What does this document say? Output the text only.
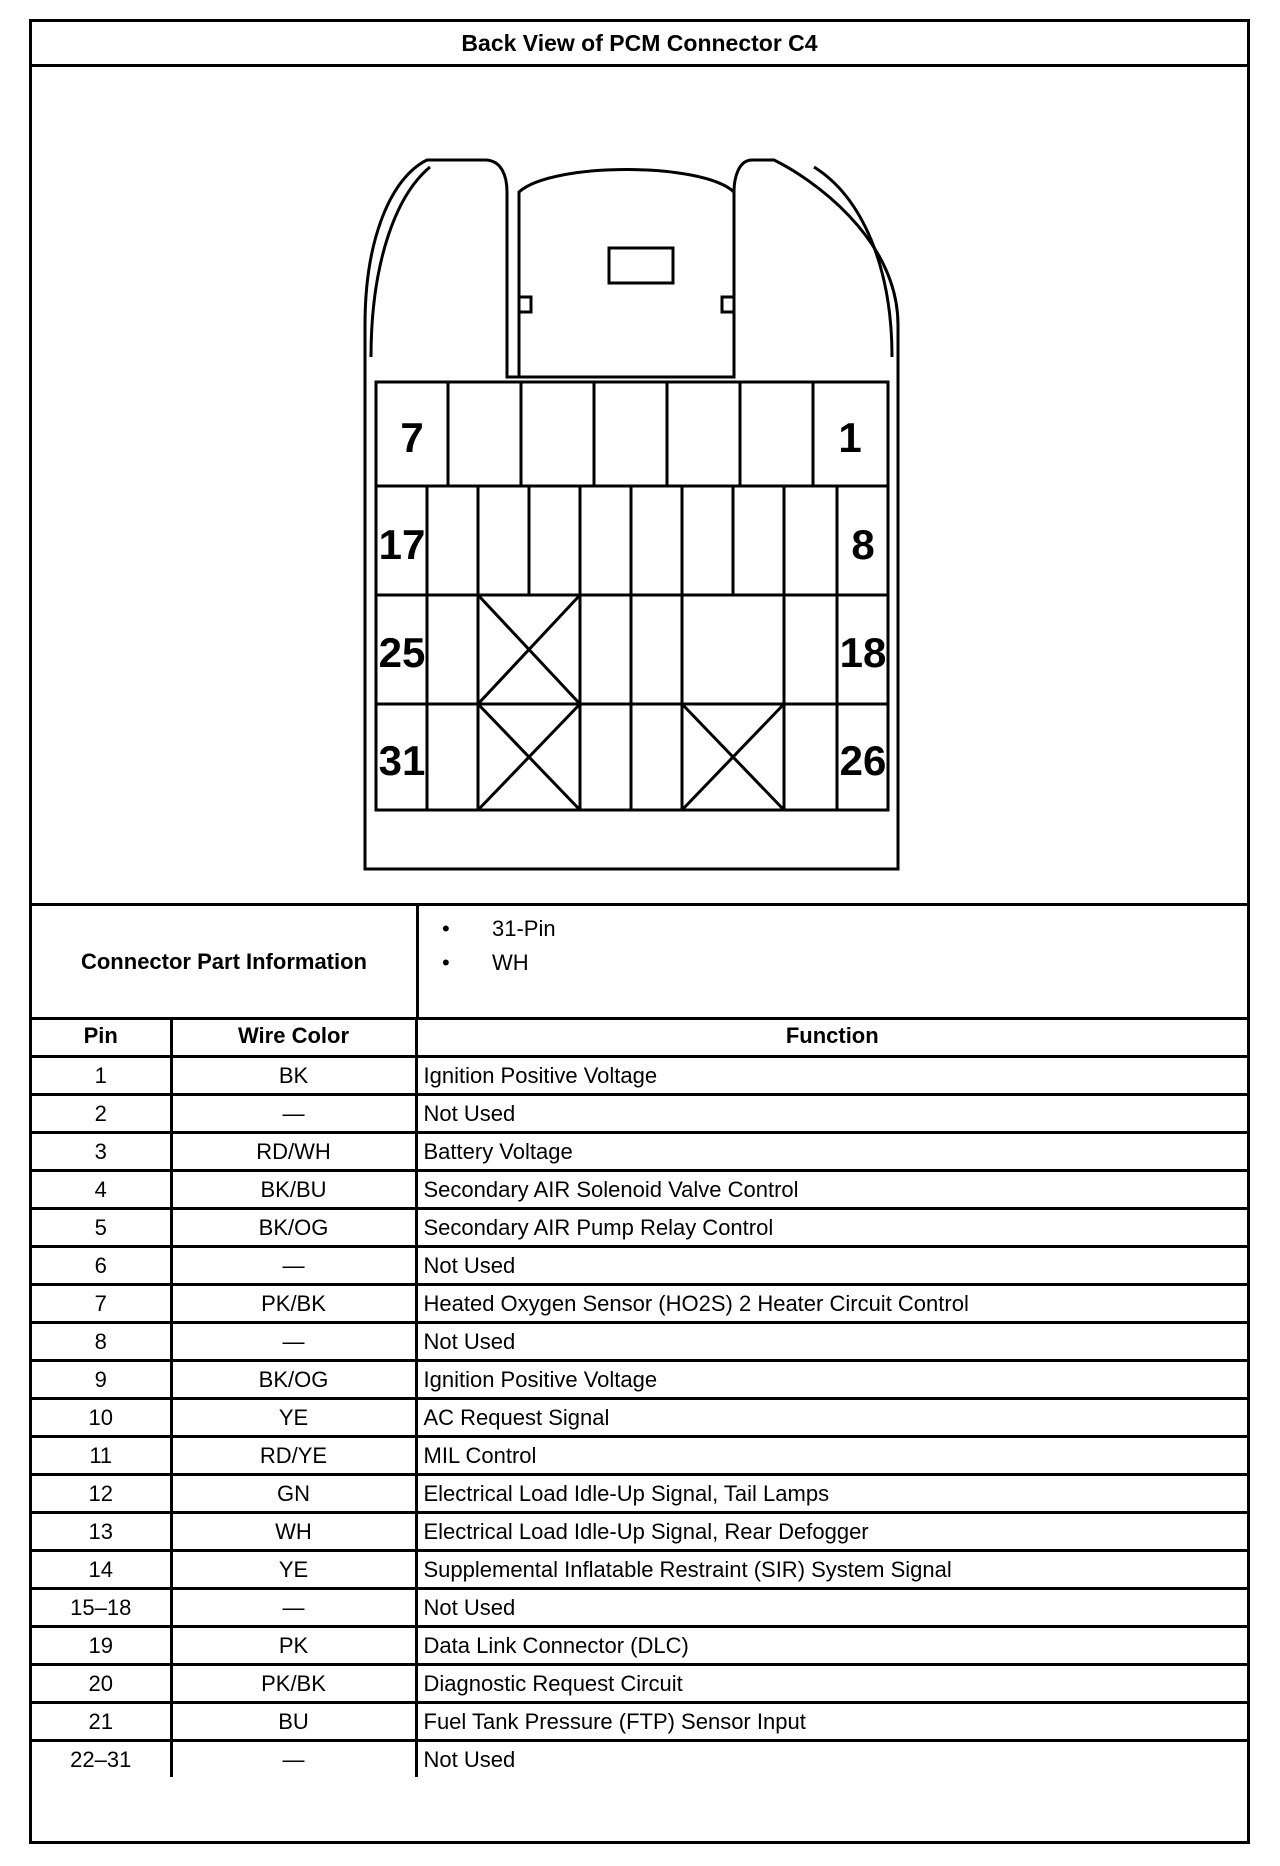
Back View of PCM Connector C4
7	1
17	8
25	18
31	26
Connector Part Information
• 31-Pin
• WH
Pin	Wire Color	Function
1	BK	Ignition Positive Voltage
2	—	Not Used
3	RD/WH	Battery Voltage
4	BK/BU	Secondary AIR Solenoid Valve Control
5	BK/OG	Secondary AIR Pump Relay Control
6	—	Not Used
7	PK/BK	Heated Oxygen Sensor (HO2S) 2 Heater Circuit Control
8	—	Not Used
9	BK/OG	Ignition Positive Voltage
10	YE	AC Request Signal
11	RD/YE	MIL Control
12	GN	Electrical Load Idle-Up Signal, Tail Lamps
13	WH	Electrical Load Idle-Up Signal, Rear Defogger
14	YE	Supplemental Inflatable Restraint (SIR) System Signal
15–18	—	Not Used
19	PK	Data Link Connector (DLC)
20	PK/BK	Diagnostic Request Circuit
21	BU	Fuel Tank Pressure (FTP) Sensor Input
22–31	—	Not Used
